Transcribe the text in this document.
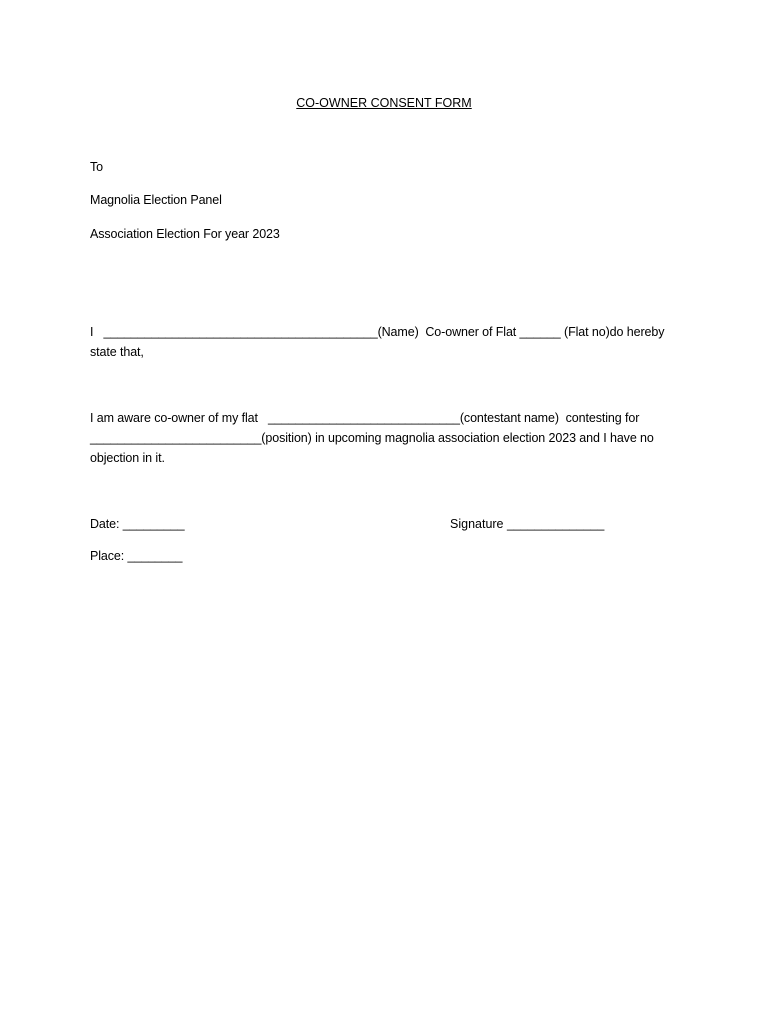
CO-OWNER CONSENT FORM
To
Magnolia Election Panel
Association Election For year 2023
I   ________________________________________(Name)  Co-owner of Flat ______ (Flat no)do hereby
state that,
I am aware co-owner of my flat   ____________________________(contestant name)  contesting for
_________________________(position) in upcoming magnolia association election 2023 and I have no
objection in it.
Date: _________	Signature ______________
Place: ________
